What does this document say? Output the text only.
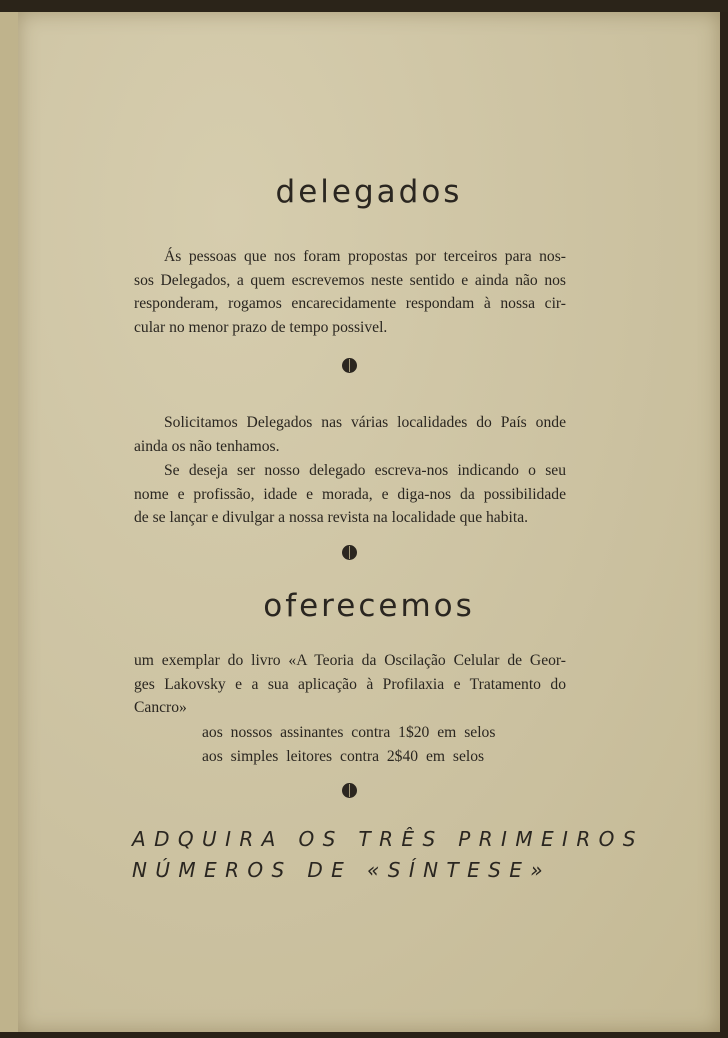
delegados
Ás pessoas que nos foram propostas por terceiros para nos-
sos Delegados, a quem escrevemos neste sentido e ainda não nos
responderam, rogamos encarecidamente respondam à nossa cir-
cular no menor prazo de tempo possivel.
Solicitamos Delegados nas várias localidades do País onde
ainda os não tenhamos.
Se deseja ser nosso delegado escreva-nos indicando o seu
nome e profissão, idade e morada, e diga-nos da possibilidade
de se lançar e divulgar a nossa revista na localidade que habita.
oferecemos
um exemplar do livro «A Teoria da Oscilação Celular de Geor-
ges Lakovsky e a sua aplicação à Profilaxia e Tratamento do
Cancro»
aos nossos assinantes contra 1$20 em selos
aos simples leitores contra 2$40 em selos
ADQUIRA OS TRÊS PRIMEIROS
NÚMEROS DE «SÍNTESE»
